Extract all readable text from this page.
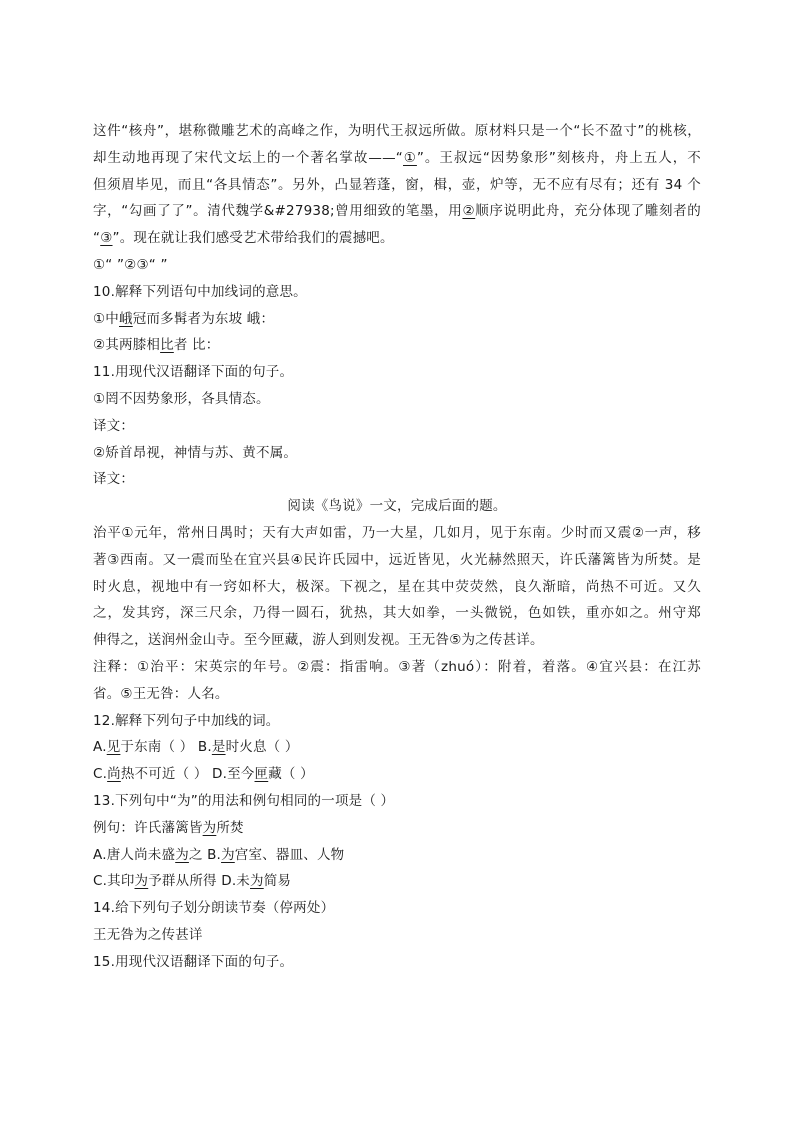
这件“核舟”，堪称微雕艺术的高峰之作，为明代王叔远所做。原材料只是一个“长不盈寸”的桃核，
却生动地再现了宋代文坛上的一个著名掌故——“①”。王叔远“因势象形”刻核舟，舟上五人，不
但须眉毕见，而且“各具情态”。另外，凸显箬蓬，窗，楫，壶，炉等，无不应有尽有；还有 34 个
字，“勾画了了”。清代魏学&#27938;曾用细致的笔墨，用②顺序说明此舟，充分体现了雕刻者的
“③”。现在就让我们感受艺术带给我们的震撼吧。
①“ ”②③“ ”
10.解释下列语句中加线词的意思。
①中峨冠而多髯者为东坡 峨：
②其两膝相比者 比：
11.用现代汉语翻译下面的句子。
①罔不因势象形，各具情态。
译文：
②矫首昂视，神情与苏、黄不属。
译文：
阅读《鸟说》一文，完成后面的题。
治平①元年，常州日禺时；天有大声如雷，乃一大星，几如月，见于东南。少时而又震②一声，移
著③西南。又一震而坠在宜兴县④民许氏园中，远近皆见，火光赫然照天，许氏藩篱皆为所焚。是
时火息，视地中有一窍如杯大，极深。下视之，星在其中荧荧然，良久渐暗，尚热不可近。又久
之，发其窍，深三尺余，乃得一圆石，犹热，其大如拳，一头微锐，色如铁，重亦如之。州守郑
伸得之，送润州金山寺。至今匣藏，游人到则发视。王无咎⑤为之传甚详。
注释：①治平：宋英宗的年号。②震：指雷响。③著（zhuó）：附着，着落。④宜兴县：在江苏
省。⑤王无咎：人名。
12.解释下列句子中加线的词。
A.见于东南（ ） B.是时火息（ ）
C.尚热不可近（ ） D.至今匣藏（ ）
13.下列句中“为”的用法和例句相同的一项是（ ）
例句：许氏藩篱皆为所焚
A.唐人尚未盛为之 B.为宫室、器皿、人物
C.其印为予群从所得 D.未为简易
14.给下列句子划分朗读节奏（停两处）
王无咎为之传甚详
15.用现代汉语翻译下面的句子。
